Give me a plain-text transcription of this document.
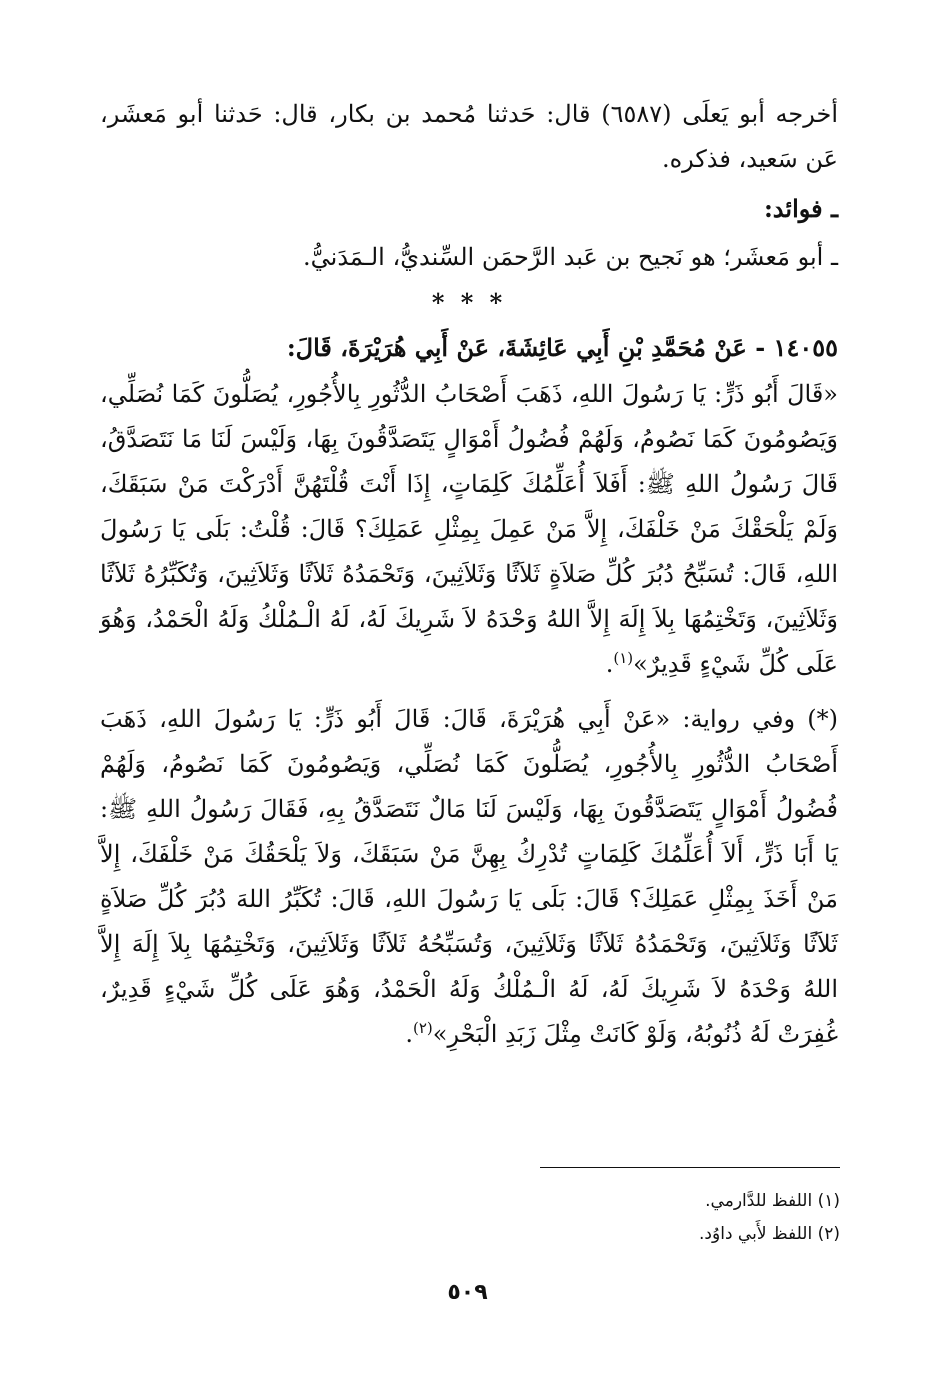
أخرجه أبو يَعلَى (٦٥٨٧) قال: حَدثنا مُحمد بن بكار، قال: حَدثنا أبو مَعشَر، عَن سَعيد، فذكره.

ـ فوائد:

ـ أبو مَعشَر؛ هو نَجيح بن عَبد الرَّحمَن السِّنديُّ، الـمَدَنيُّ.

* * *

١٤٠٥٥ - عَنْ مُحَمَّدِ بْنِ أَبِي عَائِشَةَ، عَنْ أَبِي هُرَيْرَةَ، قَالَ:

«قَالَ أَبُو ذَرٍّ: يَا رَسُولَ اللهِ، ذَهَبَ أَصْحَابُ الدُّثُورِ بِالأُجُورِ، يُصَلُّونَ كَمَا نُصَلِّي، وَيَصُومُونَ كَمَا نَصُومُ، وَلَهُمْ فُضُولُ أَمْوَالٍ يَتَصَدَّقُونَ بِهَا، وَلَيْسَ لَنَا مَا نَتَصَدَّقُ، قَالَ رَسُولُ اللهِ ﷺ: أَفَلاَ أُعَلِّمُكَ كَلِمَاتٍ، إِذَا أَنْتَ قُلْتَهُنَّ أَدْرَكْتَ مَنْ سَبَقَكَ، وَلَمْ يَلْحَقْكَ مَنْ خَلْفَكَ، إِلاَّ مَنْ عَمِلَ بِمِثْلِ عَمَلِكَ؟ قَالَ: قُلْتُ: بَلَى يَا رَسُولَ اللهِ، قَالَ: تُسَبِّحُ دُبُرَ كُلِّ صَلاَةٍ ثَلاَثًا وَثَلاَثِينَ، وَتَحْمَدُهُ ثَلاَثًا وَثَلاَثِينَ، وَتُكَبِّرُهُ ثَلاَثًا وَثَلاَثِينَ، وَتَخْتِمُهَا بِلاَ إِلَهَ إِلاَّ اللهُ وَحْدَهُ لاَ شَرِيكَ لَهُ، لَهُ الْـمُلْكُ وَلَهُ الْحَمْدُ، وَهُوَ عَلَى كُلِّ شَيْءٍ قَدِيرٌ»$^{(١)}$.

(*) وفي رواية: «عَنْ أَبِي هُرَيْرَةَ، قَالَ: قَالَ أَبُو ذَرٍّ: يَا رَسُولَ اللهِ، ذَهَبَ أَصْحَابُ الدُّثُورِ بِالأُجُورِ، يُصَلُّونَ كَمَا نُصَلِّي، وَيَصُومُونَ كَمَا نَصُومُ، وَلَهُمْ فُضُولُ أَمْوَالٍ يَتَصَدَّقُونَ بِهَا، وَلَيْسَ لَنَا مَالٌ نَتَصَدَّقُ بِهِ، فَقَالَ رَسُولُ اللهِ ﷺ: يَا أَبَا ذَرٍّ، أَلاَ أُعَلِّمُكَ كَلِمَاتٍ تُدْرِكُ بِهِنَّ مَنْ سَبَقَكَ، وَلاَ يَلْحَقُكَ مَنْ خَلْفَكَ، إِلاَّ مَنْ أَخَذَ بِمِثْلِ عَمَلِكَ؟ قَالَ: بَلَى يَا رَسُولَ اللهِ، قَالَ: تُكَبِّرُ اللهَ دُبُرَ كُلِّ صَلاَةٍ ثَلاَثًا وَثَلاَثِينَ، وَتَحْمَدُهُ ثَلاَثًا وَثَلاَثِينَ، وَتُسَبِّحُهُ ثَلاَثًا وَثَلاَثِينَ، وَتَخْتِمُهَا بِلاَ إِلَهَ إِلاَّ اللهُ وَحْدَهُ لاَ شَرِيكَ لَهُ، لَهُ الْـمُلْكُ وَلَهُ الْحَمْدُ، وَهُوَ عَلَى كُلِّ شَيْءٍ قَدِيرٌ، غُفِرَتْ لَهُ ذُنُوبُهُ، وَلَوْ كَانَتْ مِثْلَ زَبَدِ الْبَحْرِ»$^{(٢)}$.

(١) اللفظ للدَّارمي.

(٢) اللفظ لأَبي داوُد.

٥٠٩
